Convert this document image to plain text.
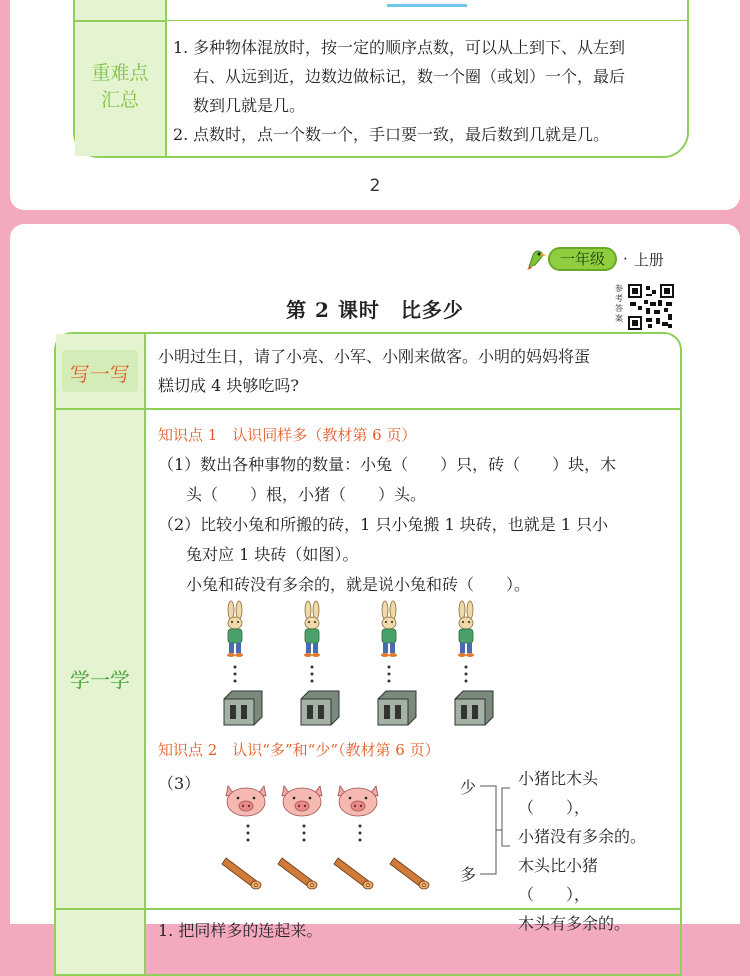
重难点
汇总
1. 多种物体混放时，按一定的顺序点数，可以从上到下、从左到
右、从远到近，边数边做标记，数一个圈（或划）一个，最后
数到几就是几。
2. 点数时，点一个数一个，手口要一致，最后数到几就是几。
2
一年级	· 上册
第 2 课时　比多少
参考答案
写一写
学一学
小明过生日，请了小亮、小军、小刚来做客。小明的妈妈将蛋
糕切成 4 块够吃吗?
知识点 1　认识同样多（教材第 6 页）
（1）数出各种事物的数量：小兔（　　）只，砖（　　）块，木
头（　　）根，小猪（　　）头。
（2）比较小兔和所搬的砖，1 只小兔搬 1 块砖，也就是 1 只小
兔对应 1 块砖（如图）。
小兔和砖没有多余的，就是说小兔和砖（　　）。
知识点 2　认识“多”和“少”（教材第 6 页）
（3）	少
多
小猪比木头（　　），
小猪没有多余的。
木头比小猪（　　），
木头有多余的。
1. 把同样多的连起来。
